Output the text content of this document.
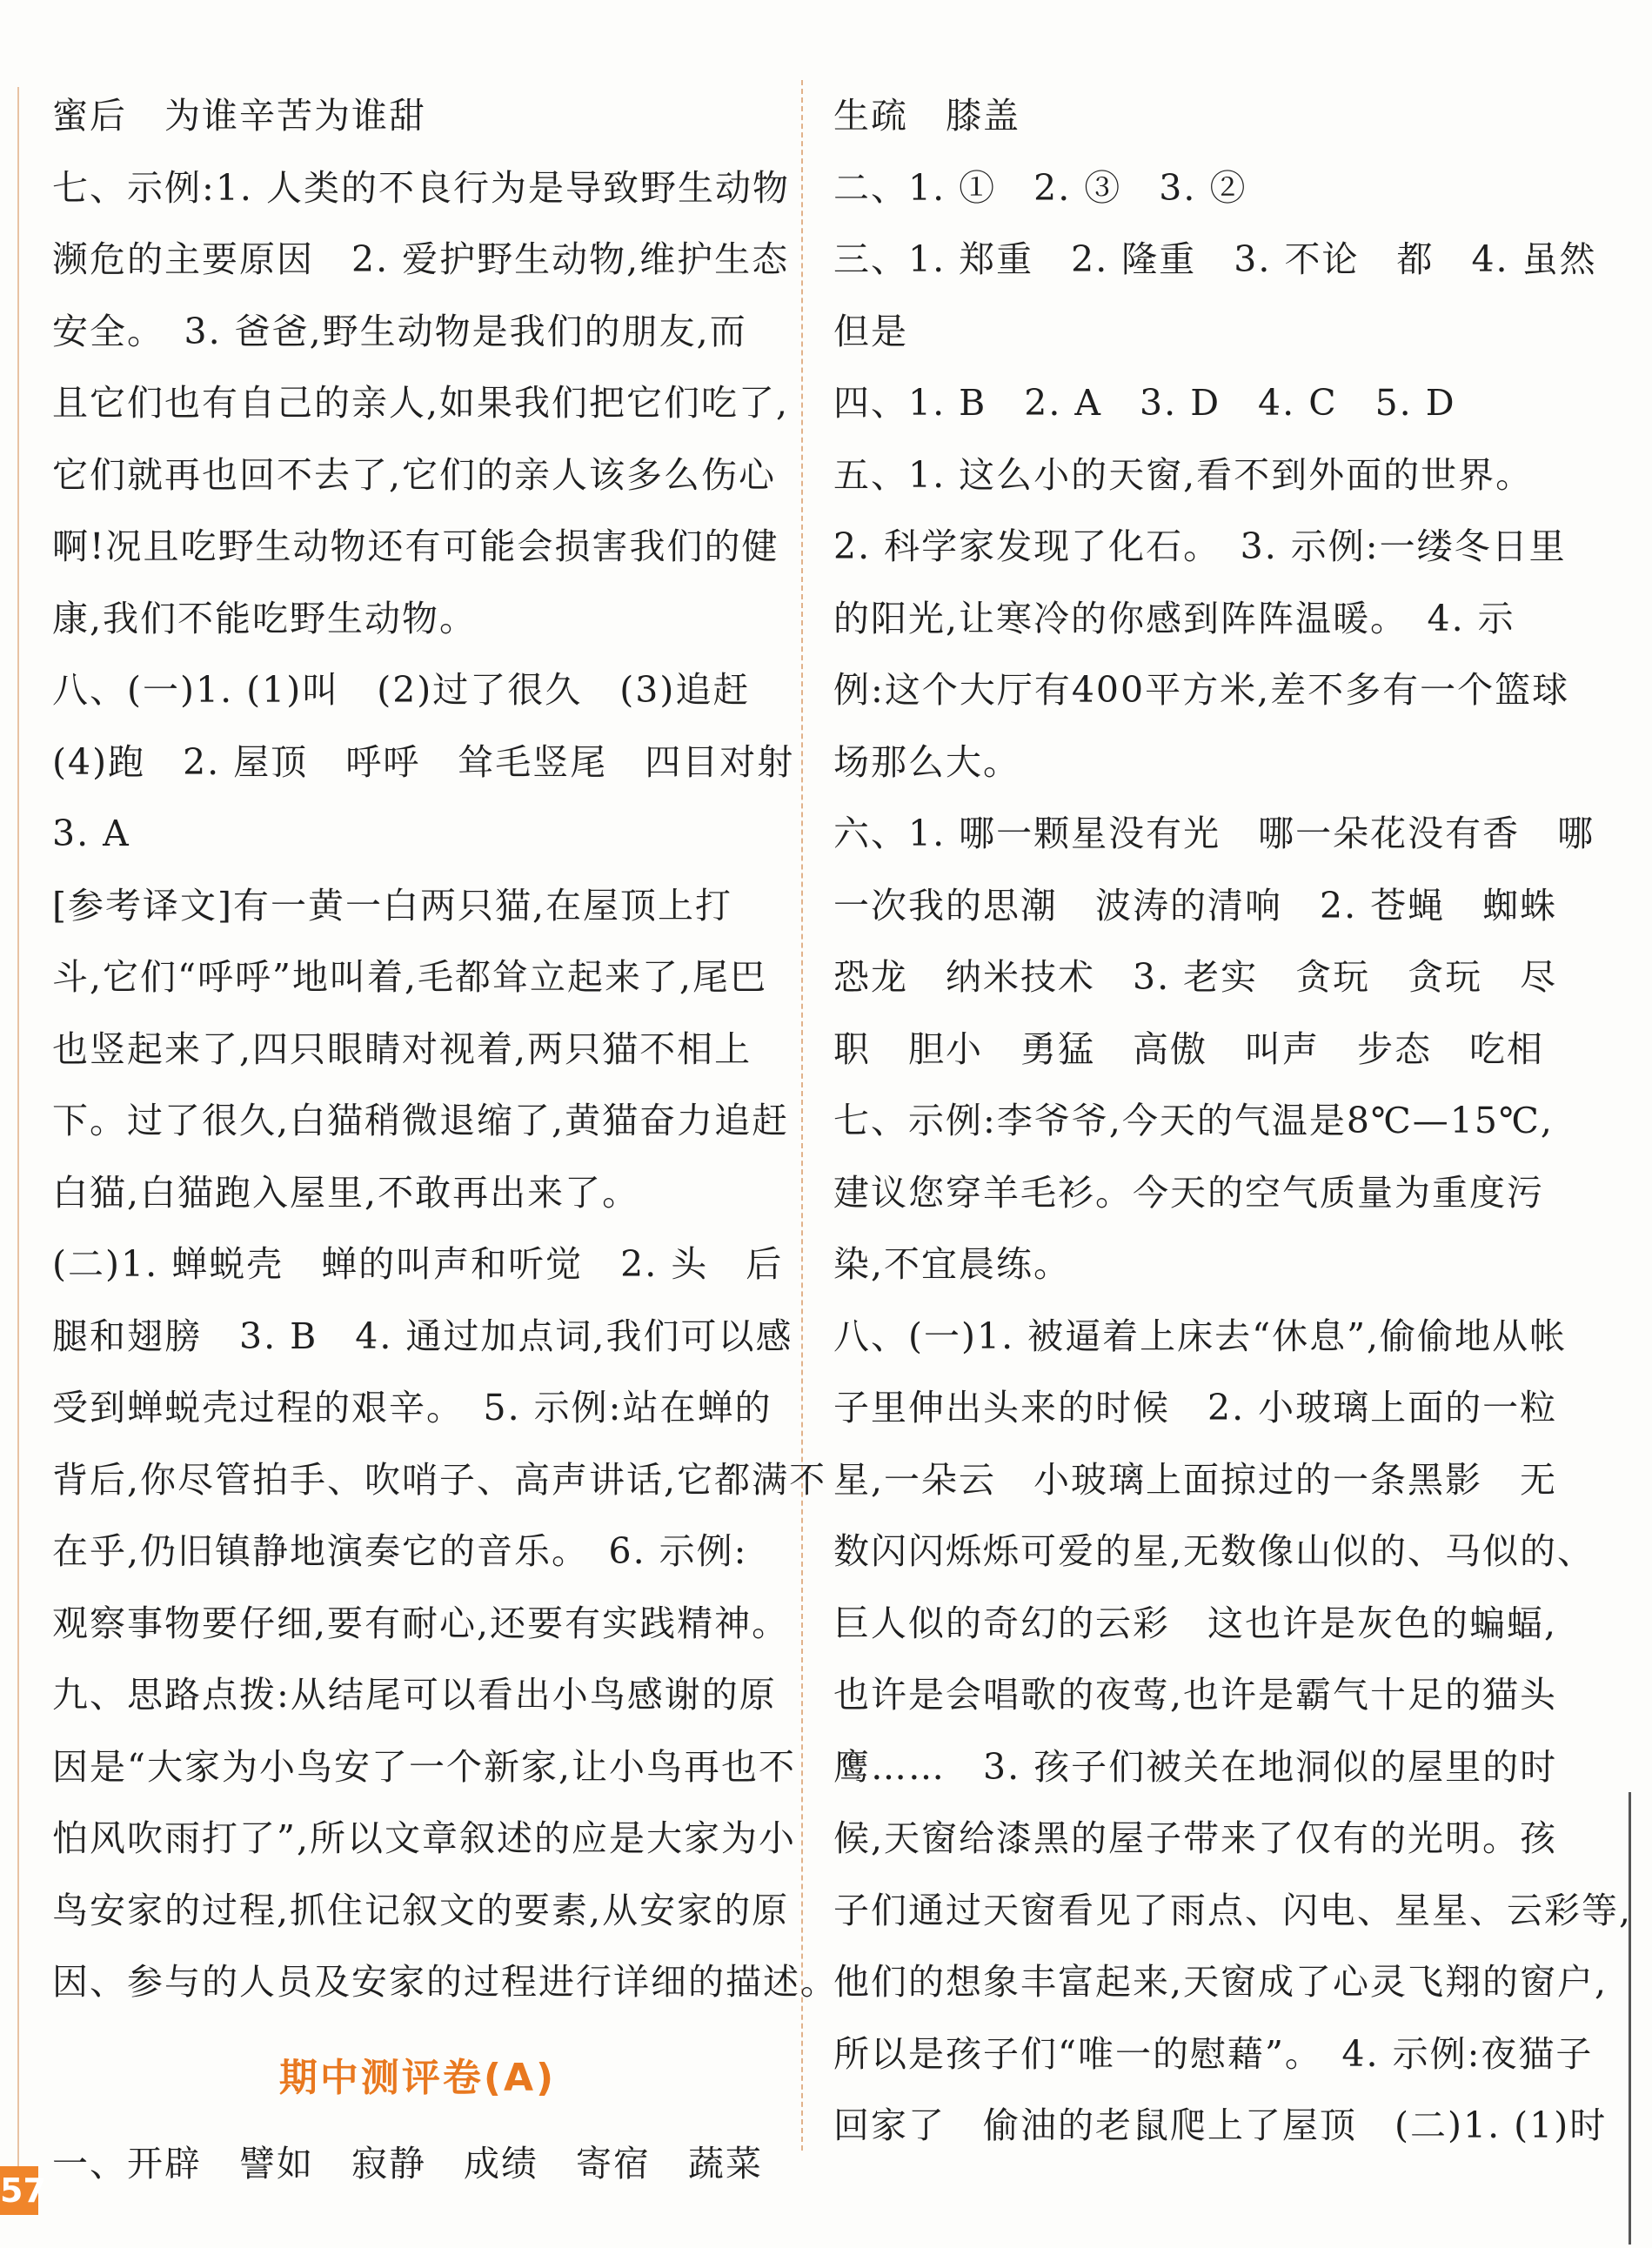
蜜后　为谁辛苦为谁甜
七、示例:1. 人类的不良行为是导致野生动物
濒危的主要原因　2. 爱护野生动物,维护生态
安全。　3. 爸爸,野生动物是我们的朋友,而
且它们也有自己的亲人,如果我们把它们吃了,
它们就再也回不去了,它们的亲人该多么伤心
啊!况且吃野生动物还有可能会损害我们的健
康,我们不能吃野生动物。
八、(一)1. (1)叫　(2)过了很久　(3)追赶
(4)跑　2. 屋顶　呼呼　耸毛竖尾　四目对射
3. A
[参考译文]有一黄一白两只猫,在屋顶上打
斗,它们“呼呼”地叫着,毛都耸立起来了,尾巴
也竖起来了,四只眼睛对视着,两只猫不相上
下。过了很久,白猫稍微退缩了,黄猫奋力追赶
白猫,白猫跑入屋里,不敢再出来了。
(二)1. 蝉蜕壳　蝉的叫声和听觉　2. 头　后
腿和翅膀　3. B　4. 通过加点词,我们可以感
受到蝉蜕壳过程的艰辛。　5. 示例:站在蝉的
背后,你尽管拍手、吹哨子、高声讲话,它都满不
在乎,仍旧镇静地演奏它的音乐。　6. 示例:
观察事物要仔细,要有耐心,还要有实践精神。
九、思路点拨:从结尾可以看出小鸟感谢的原
因是“大家为小鸟安了一个新家,让小鸟再也不
怕风吹雨打了”,所以文章叙述的应是大家为小
鸟安家的过程,抓住记叙文的要素,从安家的原
因、参与的人员及安家的过程进行详细的描述。
期中测评卷(A)
一、开辟　譬如　寂静　成绩　寄宿　蔬菜
生疏　膝盖
二、1. ①　2. ③　3. ②
三、1. 郑重　2. 隆重　3. 不论　都　4. 虽然
但是
四、1. B　2. A　3. D　4. C　5. D
五、1. 这么小的天窗,看不到外面的世界。
2. 科学家发现了化石。　3. 示例:一缕冬日里
的阳光,让寒冷的你感到阵阵温暖。　4. 示
例:这个大厅有400平方米,差不多有一个篮球
场那么大。
六、1. 哪一颗星没有光　哪一朵花没有香　哪
一次我的思潮　波涛的清响　2. 苍蝇　蜘蛛
恐龙　纳米技术　3. 老实　贪玩　贪玩　尽
职　胆小　勇猛　高傲　叫声　步态　吃相
七、示例:李爷爷,今天的气温是8℃—15℃,
建议您穿羊毛衫。今天的空气质量为重度污
染,不宜晨练。
八、(一)1. 被逼着上床去“休息”,偷偷地从帐
子里伸出头来的时候　2. 小玻璃上面的一粒
星,一朵云　小玻璃上面掠过的一条黑影　无
数闪闪烁烁可爱的星,无数像山似的、马似的、
巨人似的奇幻的云彩　这也许是灰色的蝙蝠,
也许是会唱歌的夜莺,也许是霸气十足的猫头
鹰……　3. 孩子们被关在地洞似的屋里的时
候,天窗给漆黑的屋子带来了仅有的光明。孩
子们通过天窗看见了雨点、闪电、星星、云彩等,
他们的想象丰富起来,天窗成了心灵飞翔的窗户,
所以是孩子们“唯一的慰藉”。　4. 示例:夜猫子
回家了　偷油的老鼠爬上了屋顶　(二)1. (1)时
57
